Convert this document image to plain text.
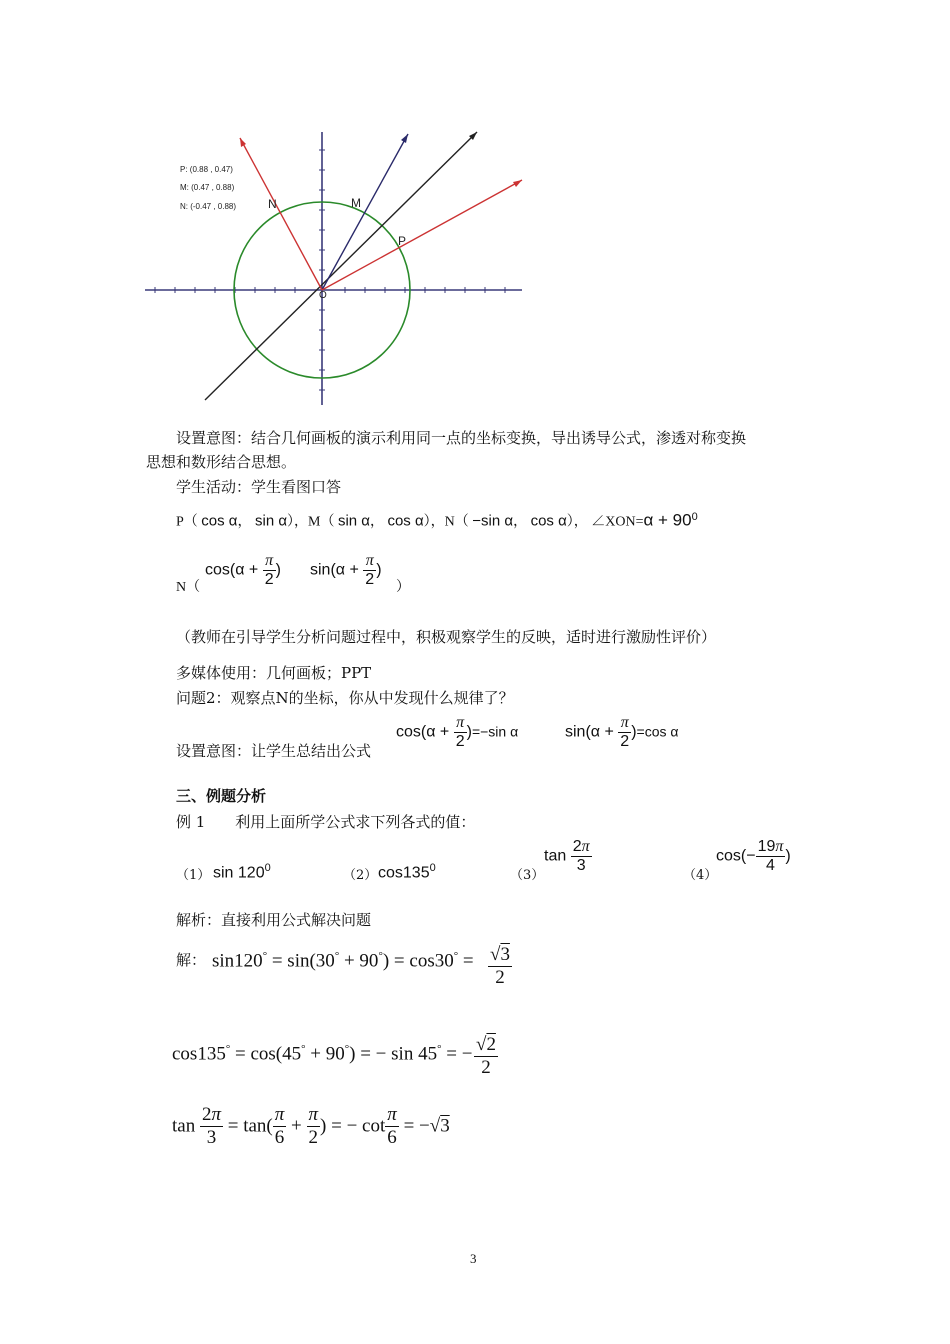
P: (0.88 , 0.47)
M: (0.47 , 0.88)
N: (-0.47 , 0.88)	N	M
P
O
设置意图：结合几何画板的演示利用同一点的坐标变换，导出诱导公式，渗透对称变换
思想和数形结合思想。
学生活动：学生看图口答
P（ cos α， sin α），M（ sin α， cos α），N（ −sin α， cos α）， ∠XON=α + $90^0$
N（
$\cos(\alpha + \frac{\pi}{2}$ ) $\sin(\alpha + \frac{\pi}{2}$ )
）
（教师在引导学生分析问题过程中，积极观察学生的反映，适时进行激励性评价）
多媒体使用：几何画板；PPT
问题2：观察点N的坐标，你从中发现什么规律了？
设置意图：让学生总结出公式
$\cos(\alpha + \frac{\pi}{2} )=-\sin$ α	$\sin(\alpha + \frac{\pi}{2} )=\cos$ α
三、例题分析
例 1　　利用上面所学公式求下列各式的值：
（1） $\sin 120^0$	（2） $\cos 135^0$	（3）
$\tan \frac{2\pi}{3}$
（4）
$\cos(- \frac{19\pi}{4}$ )
解析：直接利用公式解决问题
解： sin120° = sin(30° + 90°) = cos30° = √3
2
cos135° = cos(45° + 90°) = − sin 45° = − √2
2
$\tan \frac{2\pi}{3} = \tan( \frac{\pi}{6} + \frac{\pi}{2}$ ) = − $\cot \frac{\pi}{6} = -√3$
3
